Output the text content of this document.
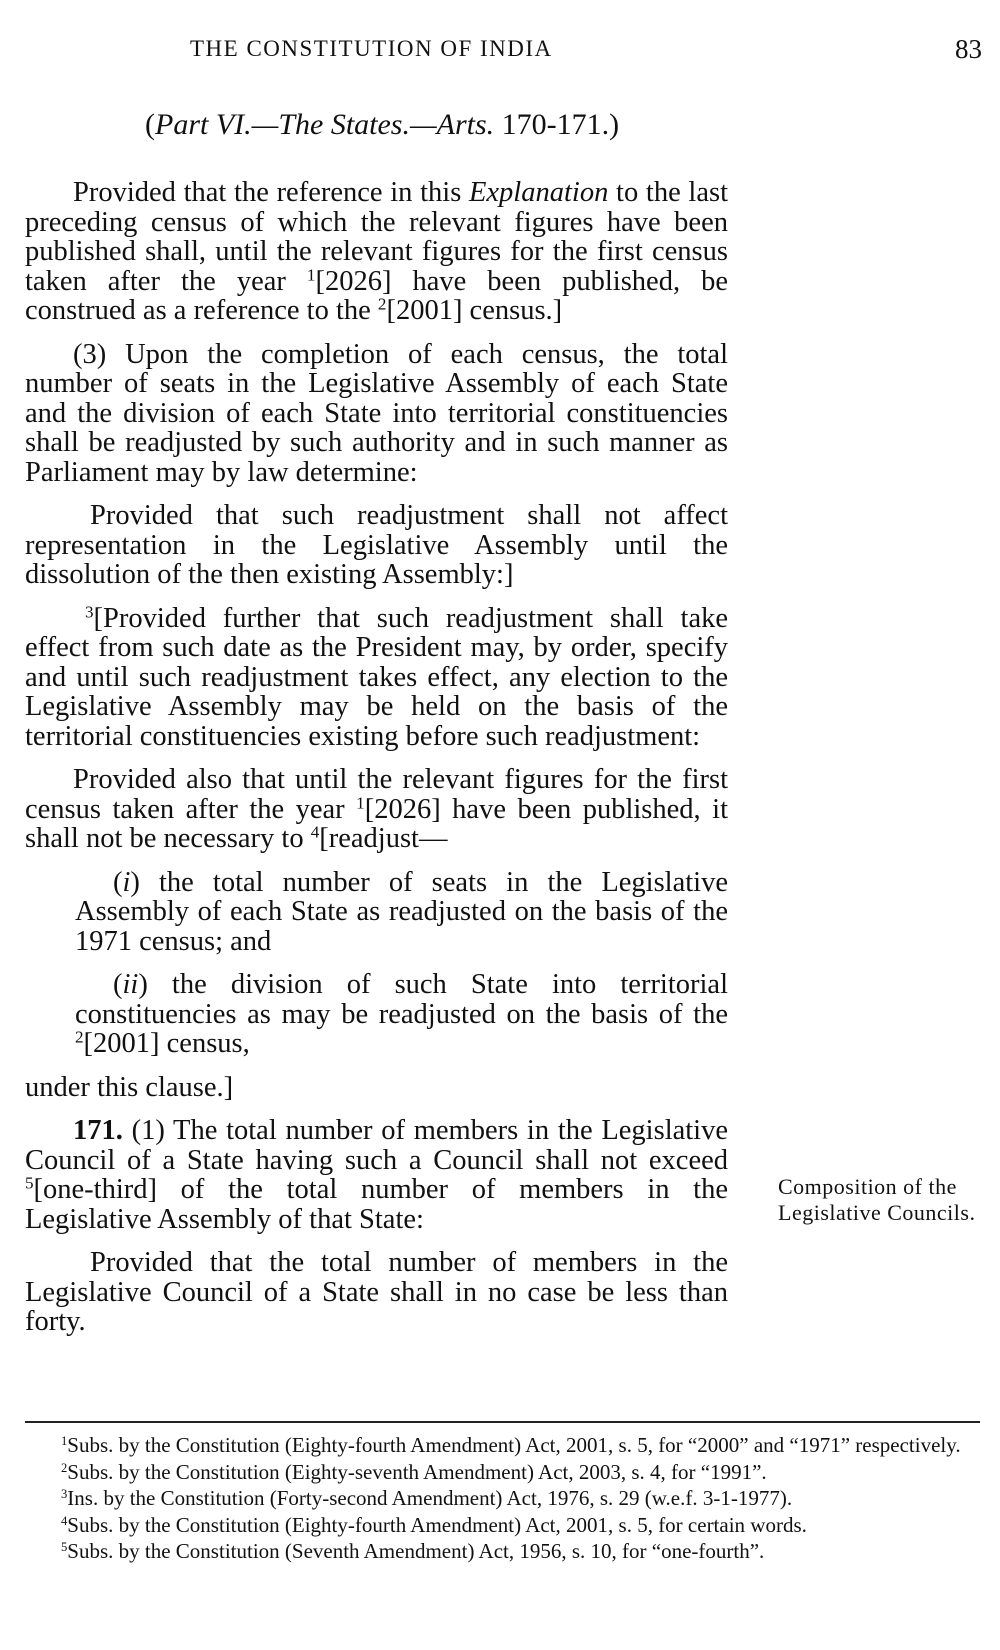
THE CONSTITUTION OF INDIA	83
(Part VI.—The States.—Arts. 170-171.)

Provided that the reference in this Explanation to the last preceding census of which the relevant figures have been published shall, until the relevant figures for the first census taken after the year $^1$[2026] have been published, be construed as a reference to the $^2$[2001] census.]

(3) Upon the completion of each census, the total number of seats in the Legislative Assembly of each State and the division of each State into territorial constituencies shall be readjusted by such authority and in such manner as Parliament may by law determine:

Provided that such readjustment shall not affect representation in the Legislative Assembly until the dissolution of the then existing Assembly:]

$^3$[Provided further that such readjustment shall take effect from such date as the President may, by order, specify and until such readjustment takes effect, any election to the Legislative Assembly may be held on the basis of the territorial constituencies existing before such readjustment:

Provided also that until the relevant figures for the first census taken after the year $^1$[2026] have been published, it shall not be necessary to $^4$[readjust—

(i) the total number of seats in the Legislative Assembly of each State as readjusted on the basis of the 1971 census; and

(ii) the division of such State into territorial constituencies as may be readjusted on the basis of the $^2$[2001] census,

under this clause.]

171. (1) The total number of members in the Legislative Council of a State having such a Council shall not exceed $^5$[one-third] of the total number of members in the Legislative Assembly of that State:

Provided that the total number of members in the Legislative Council of a State shall in no case be less than forty.

Composition of the Legislative Councils.

$^1$Subs. by the Constitution (Eighty-fourth Amendment) Act, 2001, s. 5, for “2000” and “1971” respectively.

$^2$Subs. by the Constitution (Eighty-seventh Amendment) Act, 2003, s. 4, for “1991”.

$^3$Ins. by the Constitution (Forty-second Amendment) Act, 1976, s. 29 (w.e.f. 3-1-1977).

$^4$Subs. by the Constitution (Eighty-fourth Amendment) Act, 2001, s. 5, for certain words.

$^5$Subs. by the Constitution (Seventh Amendment) Act, 1956, s. 10, for “one-fourth”.
